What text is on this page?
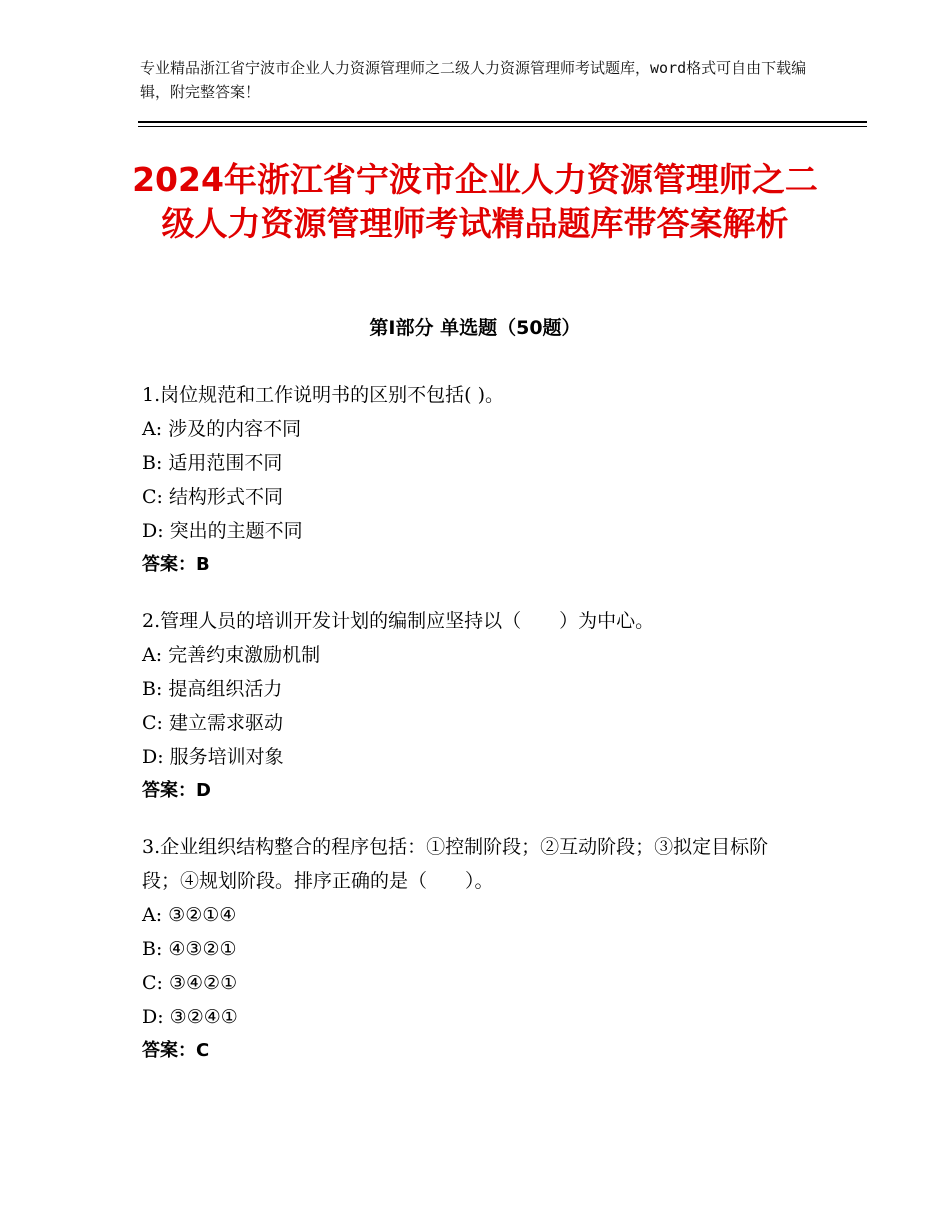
专业精品浙江省宁波市企业人力资源管理师之二级人力资源管理师考试题库，word格式可自由下载编辑，附完整答案！
2024年浙江省宁波市企业人力资源管理师之二级人力资源管理师考试精品题库带答案解析
第Ⅰ部分 单选题（50题）
1.岗位规范和工作说明书的区别不包括( )。
A: 涉及的内容不同
B: 适用范围不同
C: 结构形式不同
D: 突出的主题不同
答案：B
2.管理人员的培训开发计划的编制应坚持以（　　）为中心。
A: 完善约束激励机制
B: 提高组织活力
C: 建立需求驱动
D: 服务培训对象
答案：D
3.企业组织结构整合的程序包括：①控制阶段；②互动阶段；③拟定目标阶段；④规划阶段。排序正确的是（　　）。
A: ③②①④
B: ④③②①
C: ③④②①
D: ③②④①
答案：C
